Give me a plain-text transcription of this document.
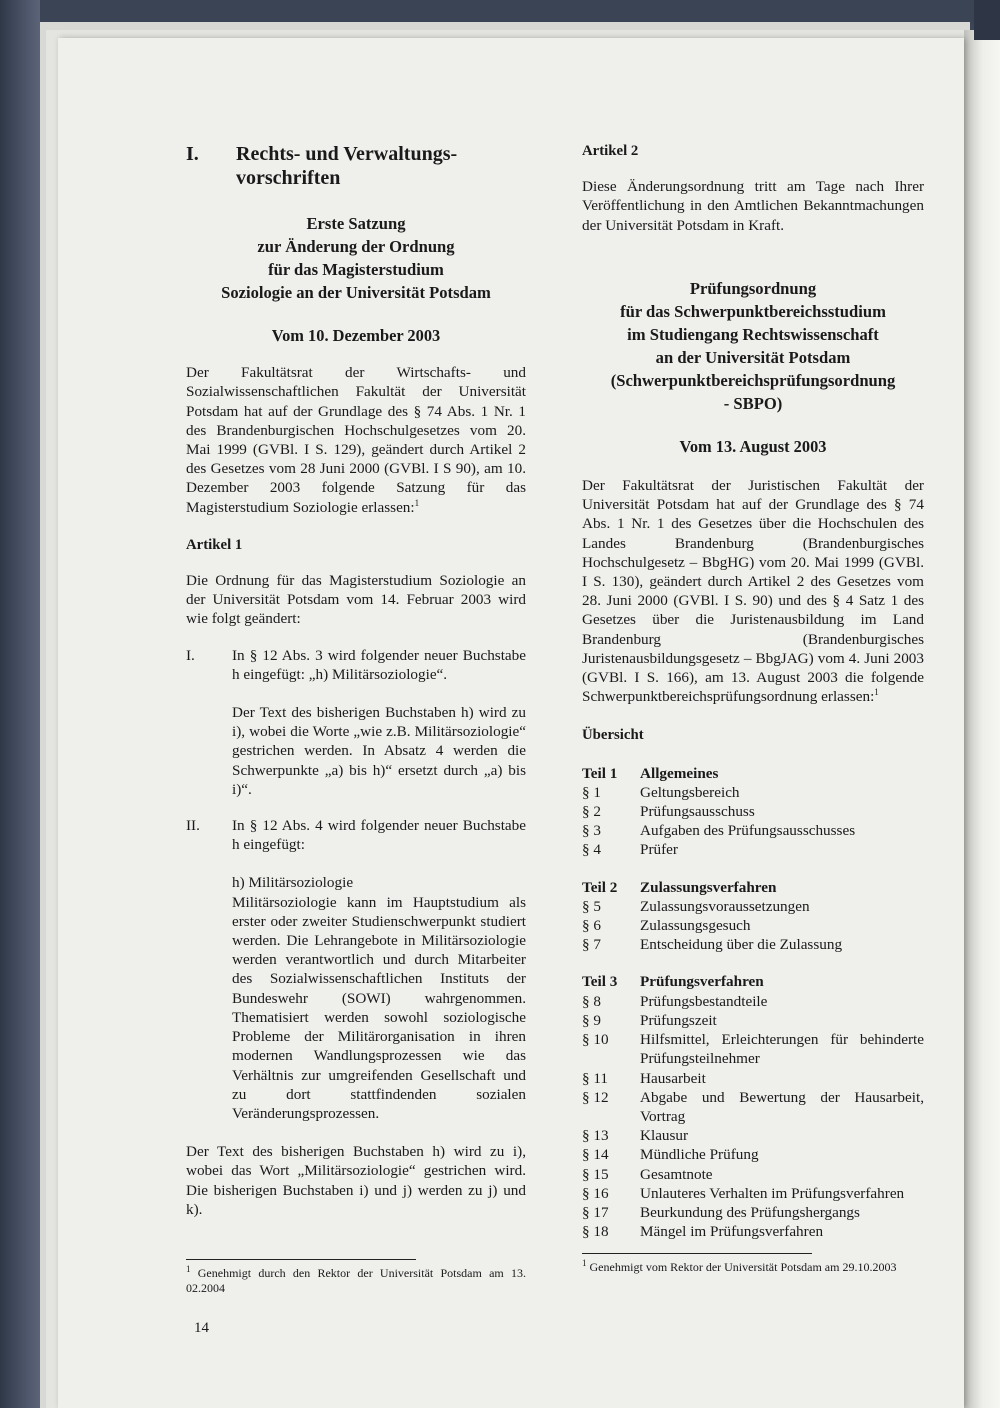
I.	Rechts- und Verwaltungs-vorschriften
Erste Satzung
zur Änderung der Ordnung
für das Magisterstudium
Soziologie an der Universität Potsdam
Vom 10. Dezember 2003

Der Fakultätsrat der Wirtschafts- und Sozialwissenschaftlichen Fakultät der Universität Potsdam hat auf der Grundlage des § 74 Abs. 1 Nr. 1 des Brandenburgischen Hochschulgesetzes vom 20. Mai 1999 (GVBl. I S. 129), geändert durch Artikel 2 des Gesetzes vom 28 Juni 2000 (GVBl. I S 90), am 10. Dezember 2003 folgende Satzung für das Magisterstudium Soziologie erlassen:$^1$

Artikel 1

Die Ordnung für das Magisterstudium Soziologie an der Universität Potsdam vom 14. Februar 2003 wird wie folgt geändert:

I.	In § 12 Abs. 3 wird folgender neuer Buchstabe h eingefügt: „h) Militärsoziologie“.

Der Text des bisherigen Buchstaben h) wird zu i), wobei die Worte „wie z.B. Militärsoziologie“ gestrichen werden. In Absatz 4 werden die Schwerpunkte „a) bis h)“ ersetzt durch „a) bis i)“.

II.	In § 12 Abs. 4 wird folgender neuer Buchstabe h eingefügt:

h) Militärsoziologie

Militärsoziologie kann im Hauptstudium als erster oder zweiter Studienschwerpunkt studiert werden. Die Lehrangebote in Militärsoziologie werden verantwortlich und durch Mitarbeiter des Sozialwissenschaftlichen Instituts der Bundeswehr (SOWI) wahrgenommen. Thematisiert werden sowohl soziologische Probleme der Militärorganisation in ihren modernen Wandlungsprozessen wie das Verhältnis zur umgreifenden Gesellschaft und zu dort stattfindenden sozialen Veränderungsprozessen.

Der Text des bisherigen Buchstaben h) wird zu i), wobei das Wort „Militärsoziologie“ gestrichen wird. Die bisherigen Buchstaben i) und j) werden zu j) und k).

$^1$ Genehmigt durch den Rektor der Universität Potsdam am 13. 02.2004
14
Artikel 2

Diese Änderungsordnung tritt am Tage nach Ihrer Veröffentlichung in den Amtlichen Bekanntmachungen der Universität Potsdam in Kraft.

Prüfungsordnung
für das Schwerpunktbereichsstudium
im Studiengang Rechtswissenschaft
an der Universität Potsdam
(Schwerpunktbereichsprüfungsordnung
- SBPO)
Vom 13. August 2003

Der Fakultätsrat der Juristischen Fakultät der Universität Potsdam hat auf der Grundlage des § 74 Abs. 1 Nr. 1 des Gesetzes über die Hochschulen des Landes Brandenburg (Brandenburgisches Hochschulgesetz – BbgHG) vom 20. Mai 1999 (GVBl. I S. 130), geändert durch Artikel 2 des Gesetzes vom 28. Juni 2000 (GVBl. I S. 90) und des § 4 Satz 1 des Gesetzes über die Juristenausbildung im Land Brandenburg (Brandenburgisches Juristenausbildungsgesetz – BbgJAG) vom 4. Juni 2003 (GVBl. I S. 166), am 13. August 2003 die folgende Schwerpunktbereichsprüfungsordnung erlassen:$^1$

Übersicht
Teil 1	Allgemeines
§ 1	Geltungsbereich
§ 2	Prüfungsausschuss
§ 3	Aufgaben des Prüfungsausschusses
§ 4	Prüfer
Teil 2	Zulassungsverfahren
§ 5	Zulassungsvoraussetzungen
§ 6	Zulassungsgesuch
§ 7	Entscheidung über die Zulassung
Teil 3	Prüfungsverfahren
§ 8	Prüfungsbestandteile
§ 9	Prüfungszeit
§ 10	Hilfsmittel, Erleichterungen für behinderte Prüfungsteilnehmer
§ 11	Hausarbeit
§ 12	Abgabe und Bewertung der Hausarbeit, Vortrag
§ 13	Klausur
§ 14	Mündliche Prüfung
§ 15	Gesamtnote
§ 16	Unlauteres Verhalten im Prüfungsverfahren
§ 17	Beurkundung des Prüfungshergangs
§ 18	Mängel im Prüfungsverfahren
$^1$ Genehmigt vom Rektor der Universität Potsdam am 29.10.2003
